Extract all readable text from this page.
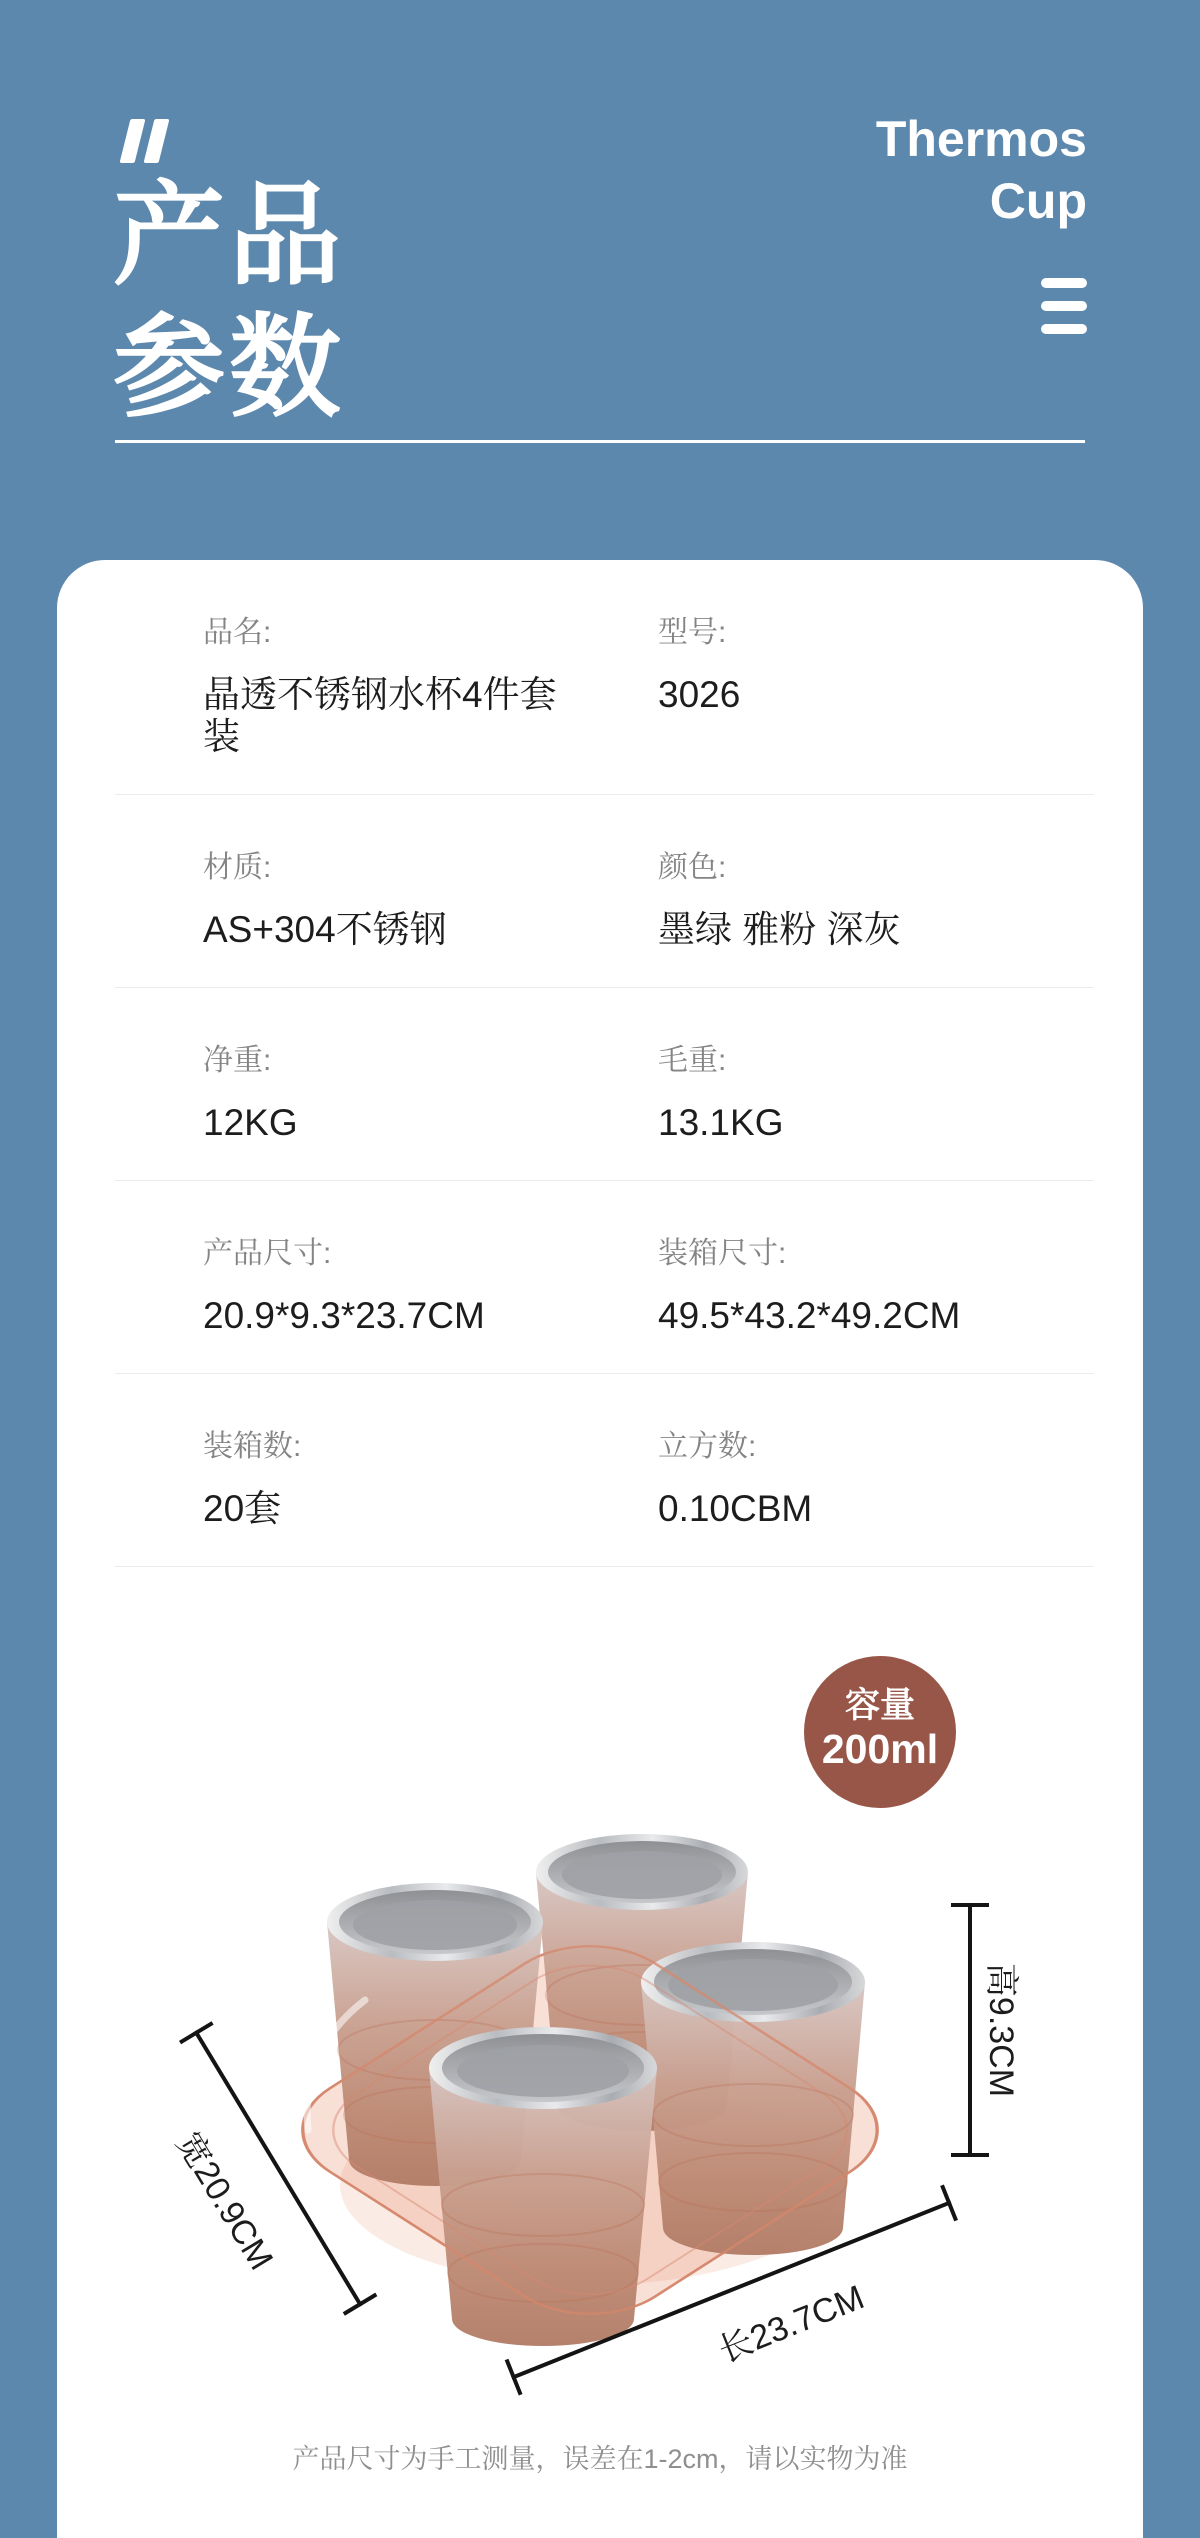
产品
参数
Thermos
Cup
品名:
晶透不锈钢水杯4件套装
型号:
3026
材质:
AS+304不锈钢
颜色:
墨绿 雅粉 深灰
净重:
12KG
毛重:
13.1KG
产品尺寸:
20.9*9.3*23.7CM
装箱尺寸:
49.5*43.2*49.2CM
装箱数:
20套
立方数:
0.10CBM
容量
200ml
高9.3CM
宽20.9CM
长23.7CM

产品尺寸为手工测量，误差在1-2cm，请以实物为准
